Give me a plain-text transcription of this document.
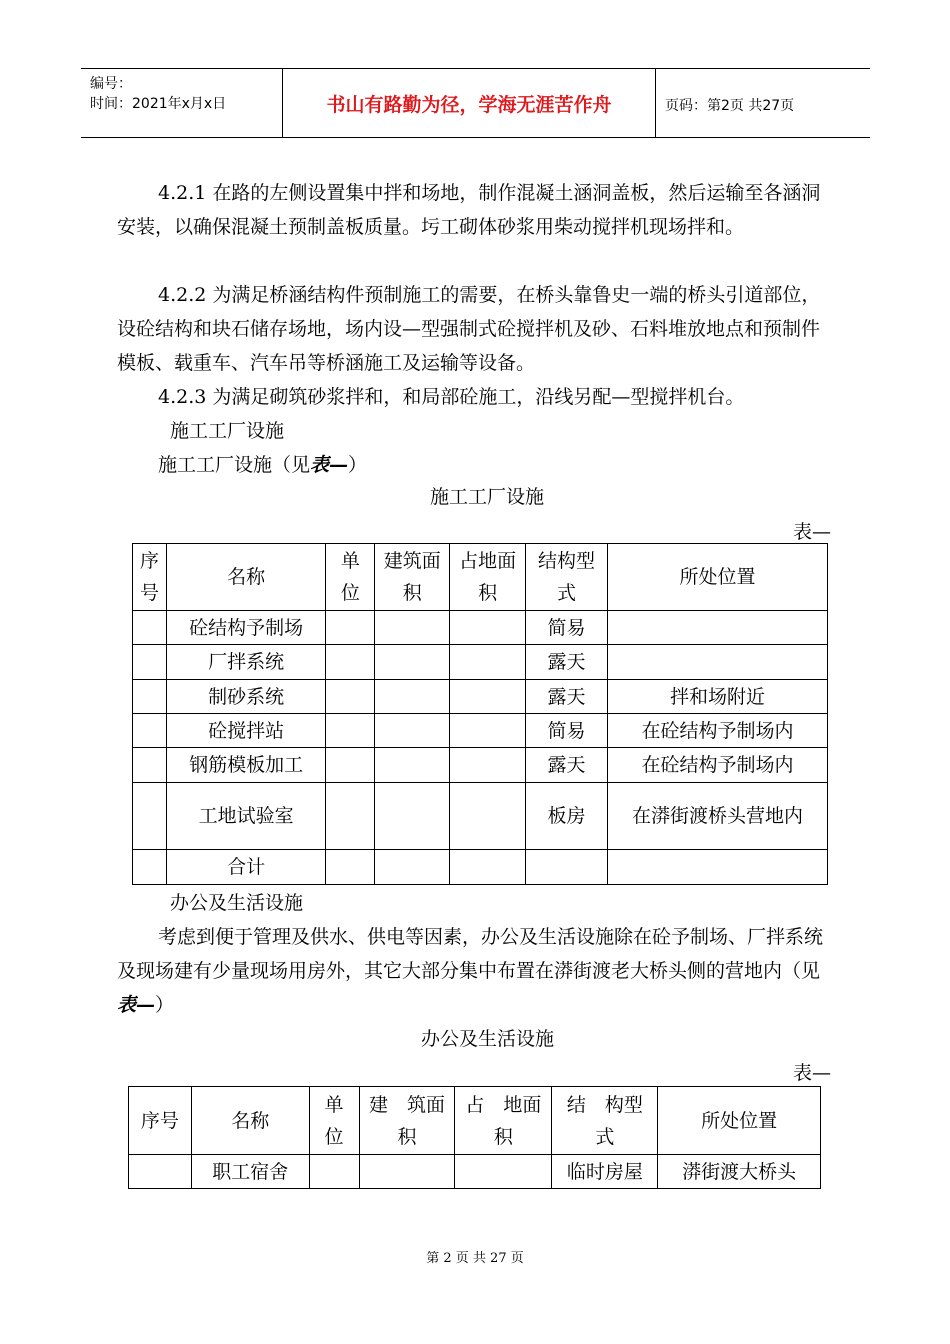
编号：
时间：2021年x月x日	书山有路勤为径，学海无涯苦作舟	页码：第2页 共27页
4.2.1 在路的左侧设置集中拌和场地，制作混凝土涵洞盖板，然后运输至各涵洞安装，以确保混凝土预制盖板质量。圬工砌体砂浆用柴动搅拌机现场拌和。
4.2.2 为满足桥涵结构件预制施工的需要，在桥头靠鲁史一端的桥头引道部位，设砼结构和块石储存场地，场内设—型强制式砼搅拌机及砂、石料堆放地点和预制件模板、载重车、汽车吊等桥涵施工及运输等设备。
4.2.3 为满足砌筑砂浆拌和，和局部砼施工，沿线另配—型搅拌机台。
施工工厂设施
施工工厂设施（见表—）
施工工厂设施
表—
序号	名称	单位	建筑面 积	占地面 积	结构型 式	所处位置
	砼结构予制场				简易	
	厂拌系统				露天	
	制砂系统				露天	拌和场附近
	砼搅拌站				简易	在砼结构予制场内
	钢筋模板加工				露天	在砼结构予制场内
	工地试验室				板房	在漭街渡桥头营地内

	合计					
办公及生活设施
考虑到便于管理及供水、供电等因素，办公及生活设施除在砼予制场、厂拌系统及现场建有少量现场用房外，其它大部分集中布置在漭街渡老大桥头侧的营地内（见表—）
办公及生活设施
表—
序号	名称	单位	建　筑面　积	占　地面　积	结　构型　式	所处位置
	职工宿舍				临时房屋	漭街渡大桥头
第 2 页 共 27 页
